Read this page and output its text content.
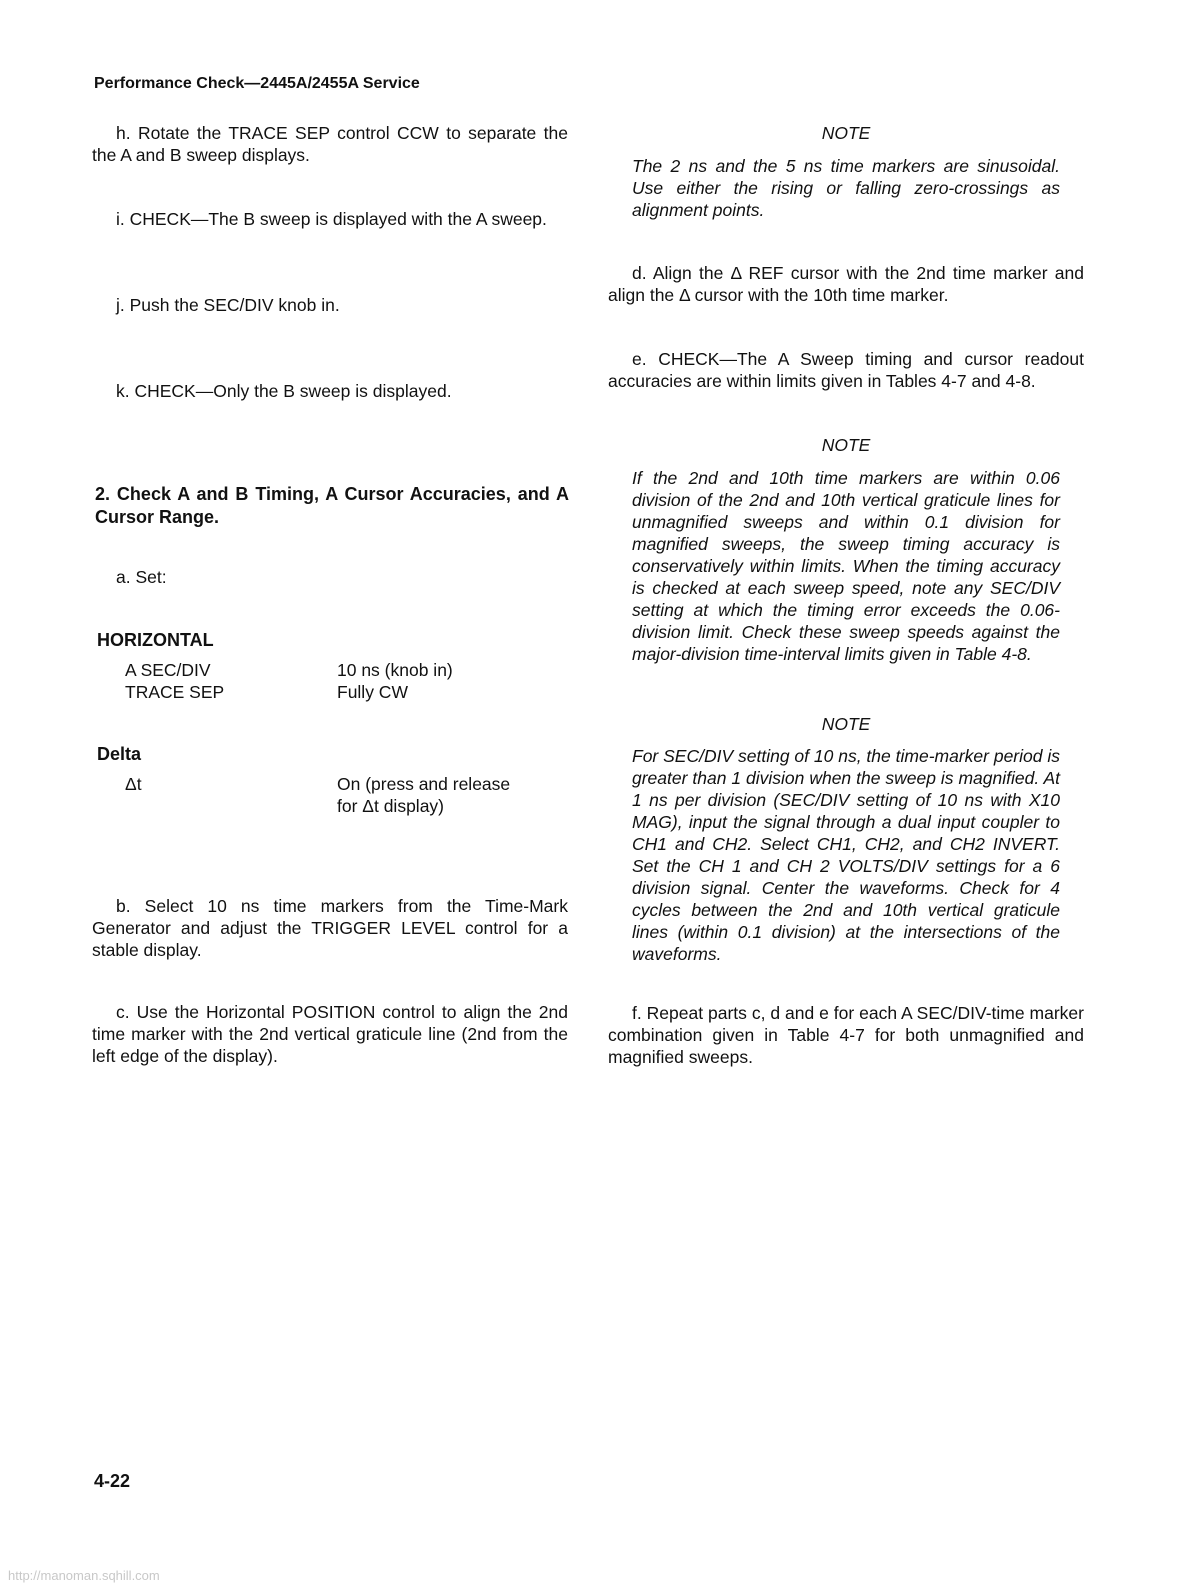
Performance Check—2445A/2455A Service

h. Rotate the TRACE SEP control CCW to separate the the A and B sweep displays.

i. CHECK—The B sweep is displayed with the A sweep.

j. Push the SEC/DIV knob in.

k. CHECK—Only the B sweep is displayed.

2. Check A and B Timing, A Cursor Accuracies, and A Cursor Range.

a. Set:

HORIZONTAL

A SEC/DIV	10 ns (knob in)
TRACE SEP	Fully CW

Delta

Δt	On (press and release
for Δt display)

b. Select 10 ns time markers from the Time-Mark Generator and adjust the TRIGGER LEVEL control for a stable display.

c. Use the Horizontal POSITION control to align the 2nd time marker with the 2nd vertical graticule line (2nd from the left edge of the display).

NOTE

The 2 ns and the 5 ns time markers are sinusoidal. Use either the rising or falling zero-crossings as alignment points.

d. Align the Δ REF cursor with the 2nd time marker and align the Δ cursor with the 10th time marker.

e. CHECK—The A Sweep timing and cursor readout accuracies are within limits given in Tables 4-7 and 4-8.

NOTE

If the 2nd and 10th time markers are within 0.06 division of the 2nd and 10th vertical graticule lines for unmagnified sweeps and within 0.1 division for magnified sweeps, the sweep timing accuracy is conservatively within limits. When the timing accuracy is checked at each sweep speed, note any SEC/DIV setting at which the timing error exceeds the 0.06-division limit. Check these sweep speeds against the major-division time-interval limits given in Table 4-8.

NOTE

For SEC/DIV setting of 10 ns, the time-marker period is greater than 1 division when the sweep is magnified. At 1 ns per division (SEC/DIV setting of 10 ns with X10 MAG), input the signal through a dual input coupler to CH1 and CH2. Select CH1, CH2, and CH2 INVERT. Set the CH 1 and CH 2 VOLTS/DIV settings for a 6 division signal. Center the waveforms. Check for 4 cycles between the 2nd and 10th vertical graticule lines (within 0.1 division) at the intersections of the waveforms.

f. Repeat parts c, d and e for each A SEC/DIV-time marker combination given in Table 4-7 for both unmagnified and magnified sweeps.

4-22
http://manoman.sqhill.com
